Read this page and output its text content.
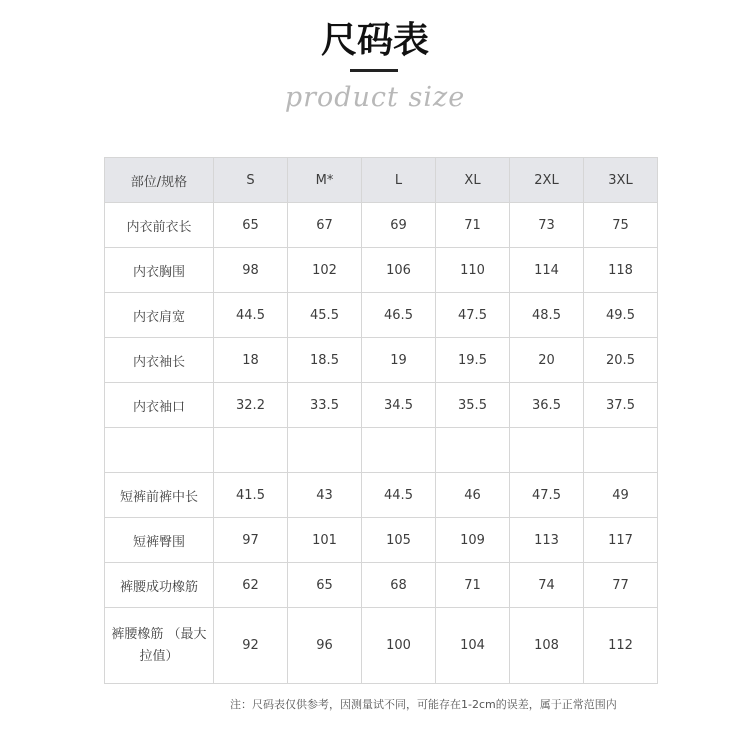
尺码表
product size
部位/规格	S	M*	L	XL	2XL	3XL
内衣前衣长	65	67	69	71	73	75
内衣胸围	98	102	106	110	114	118
内衣肩宽	44.5	45.5	46.5	47.5	48.5	49.5
内衣袖长	18	18.5	19	19.5	20	20.5
内衣袖口	32.2	33.5	34.5	35.5	36.5	37.5

短裤前裤中长	41.5	43	44.5	46	47.5	49
短裤臀围	97	101	105	109	113	117
裤腰成功橡筋	62	65	68	71	74	77
裤腰橡筋 （最大拉值）	92	96	100	104	108	112
注：尺码表仅供参考，因测量试不同，可能存在1-2cm的误差，属于正常范围内
